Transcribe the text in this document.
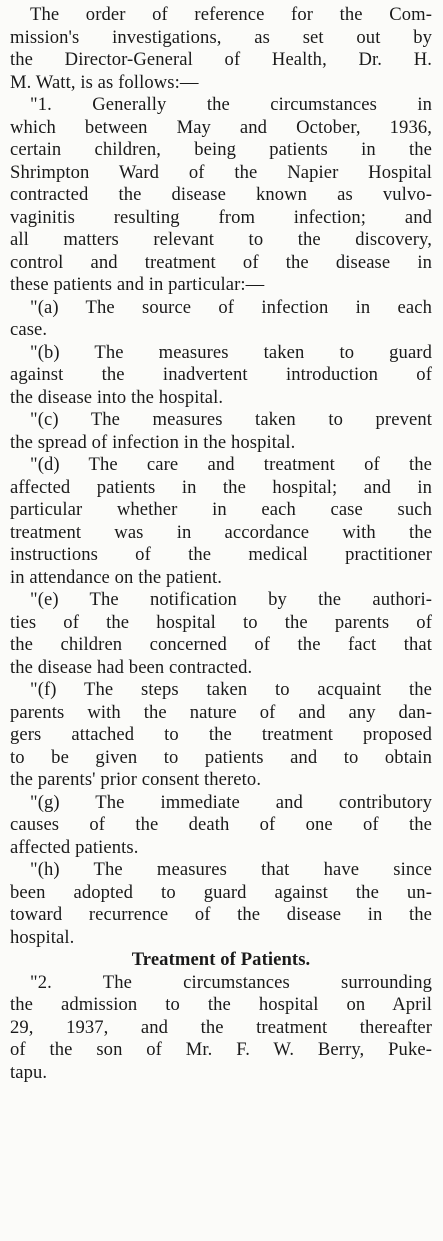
The order of reference for the Com-
mission's investigations, as set out by
the Director-General of Health, Dr. H.
M. Watt, is as follows:—

"1. Generally the circumstances in
which between May and October, 1936,
certain children, being patients in the
Shrimpton Ward of the Napier Hospital
contracted the disease known as vulvo-
vaginitis resulting from infection; and
all matters relevant to the discovery,
control and treatment of the disease in
these patients and in particular:—

"(a) The source of infection in each
case.

"(b) The measures taken to guard
against the inadvertent introduction of
the disease into the hospital.

"(c) The measures taken to prevent
the spread of infection in the hospital.

"(d) The care and treatment of the
affected patients in the hospital; and in
particular whether in each case such
treatment was in accordance with the
instructions of the medical practitioner
in attendance on the patient.

"(e) The notification by the authori-
ties of the hospital to the parents of
the children concerned of the fact that
the disease had been contracted.

"(f) The steps taken to acquaint the
parents with the nature of and any dan-
gers attached to the treatment proposed
to be given to patients and to obtain
the parents' prior consent thereto.

"(g) The immediate and contributory
causes of the death of one of the
affected patients.

"(h) The measures that have since
been adopted to guard against the un-
toward recurrence of the disease in the
hospital.

Treatment of Patients.

"2. The circumstances surrounding
the admission to the hospital on April
29, 1937, and the treatment thereafter
of the son of Mr. F. W. Berry, Puke-
tapu.
